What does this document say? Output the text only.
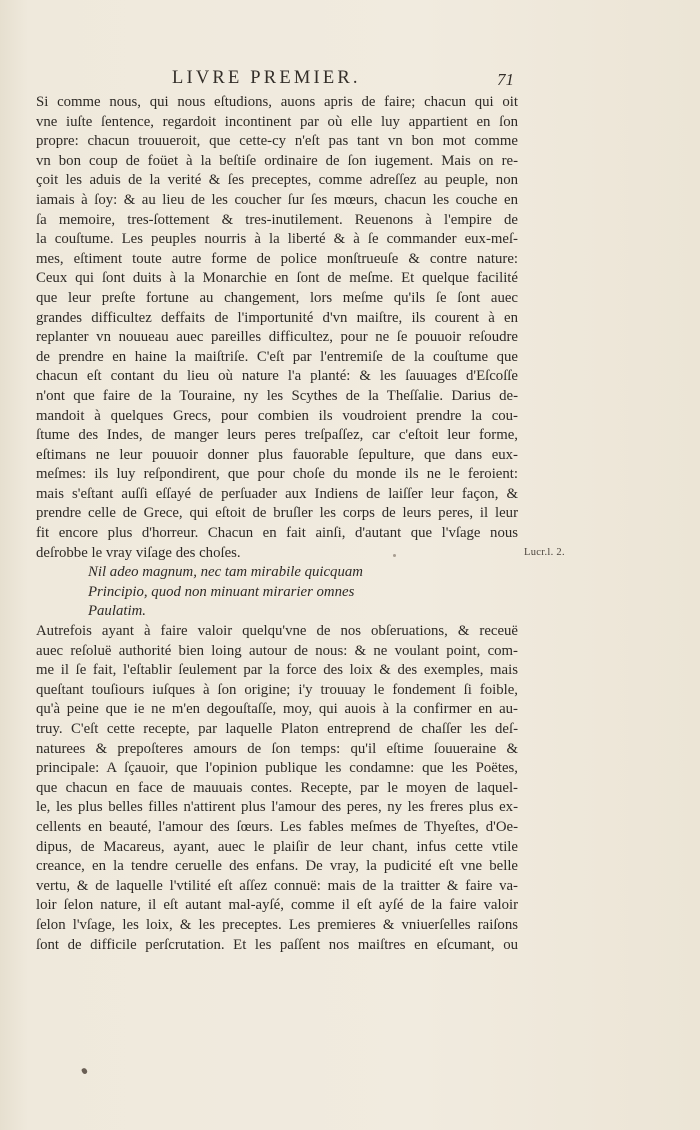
LIVRE PREMIER.	71
Si comme nous, qui nous eſtudions, auons apris de faire; chacun qui oit
vne iuſte ſentence, regardoit incontinent par où elle luy appartient en ſon
propre: chacun trouueroit, que cette-cy n'eſt pas tant vn bon mot comme
vn bon coup de foüet à la beſtiſe ordinaire de ſon iugement. Mais on re-
çoit les aduis de la verité & ſes preceptes, comme adreſſez au peuple, non
iamais à ſoy: & au lieu de les coucher ſur ſes mœurs, chacun les couche en
ſa memoire, tres-ſottement & tres-inutilement. Reuenons à l'empire de
la couſtume. Les peuples nourris à la liberté & à ſe commander eux-meſ-
mes, eſtiment toute autre forme de police monſtrueuſe & contre nature:
Ceux qui ſont duits à la Monarchie en ſont de meſme. Et quelque facilité
que leur preſte fortune au changement, lors meſme qu'ils ſe ſont auec
grandes difficultez deffaits de l'importunité d'vn maiſtre, ils courent à en
replanter vn nouueau auec pareilles difficultez, pour ne ſe pouuoir reſoudre
de prendre en haine la maiſtriſe. C'eſt par l'entremiſe de la couſtume que
chacun eſt contant du lieu où nature l'a planté: & les ſauuages d'Eſcoſſe
n'ont que faire de la Touraine, ny les Scythes de la Theſſalie. Darius de-
mandoit à quelques Grecs, pour combien ils voudroient prendre la cou-
ſtume des Indes, de manger leurs peres treſpaſſez, car c'eſtoit leur forme,
eſtimans ne leur pouuoir donner plus fauorable ſepulture, que dans eux-
meſmes: ils luy reſpondirent, que pour choſe du monde ils ne le feroient:
mais s'eſtant auſſi eſſayé de perſuader aux Indiens de laiſſer leur façon, &
prendre celle de Grece, qui eſtoit de bruſler les corps de leurs peres, il leur
fit encore plus d'horreur. Chacun en fait ainſi, d'autant que l'vſage nous
deſrobbe le vray viſage des choſes.
Nil adeo magnum, nec tam mirabile quicquam
Principio, quod non minuant mirarier omnes
Paulatim.
Autrefois ayant à faire valoir quelqu'vne de nos obſeruations, & receuë
auec reſoluë authorité bien loing autour de nous: & ne voulant point, com-
me il ſe fait, l'eſtablir ſeulement par la force des loix & des exemples, mais
queſtant touſiours iuſques à ſon origine; i'y trouuay le fondement ſi foible,
qu'à peine que ie ne m'en degouſtaſſe, moy, qui auois à la confirmer en au-
truy. C'eſt cette recepte, par laquelle Platon entreprend de chaſſer les deſ-
naturees & prepoſteres amours de ſon temps: qu'il eſtime ſouueraine &
principale: A ſçauoir, que l'opinion publique les condamne: que les Poëtes,
que chacun en face de mauuais contes. Recepte, par le moyen de laquel-
le, les plus belles filles n'attirent plus l'amour des peres, ny les freres plus ex-
cellents en beauté, l'amour des ſœurs. Les fables meſmes de Thyeſtes, d'Oe-
dipus, de Macareus, ayant, auec le plaiſir de leur chant, infus cette vtile
creance, en la tendre ceruelle des enfans. De vray, la pudicité eſt vne belle
vertu, & de laquelle l'vtilité eſt aſſez connuë: mais de la traitter & faire va-
loir ſelon nature, il eſt autant mal-ayſé, comme il eſt ayſé de la faire valoir
ſelon l'vſage, les loix, & les preceptes. Les premieres & vniuerſelles raiſons
ſont de difficile perſcrutation. Et les paſſent nos maiſtres en eſcumant, ou
Lucr.l. 2.
